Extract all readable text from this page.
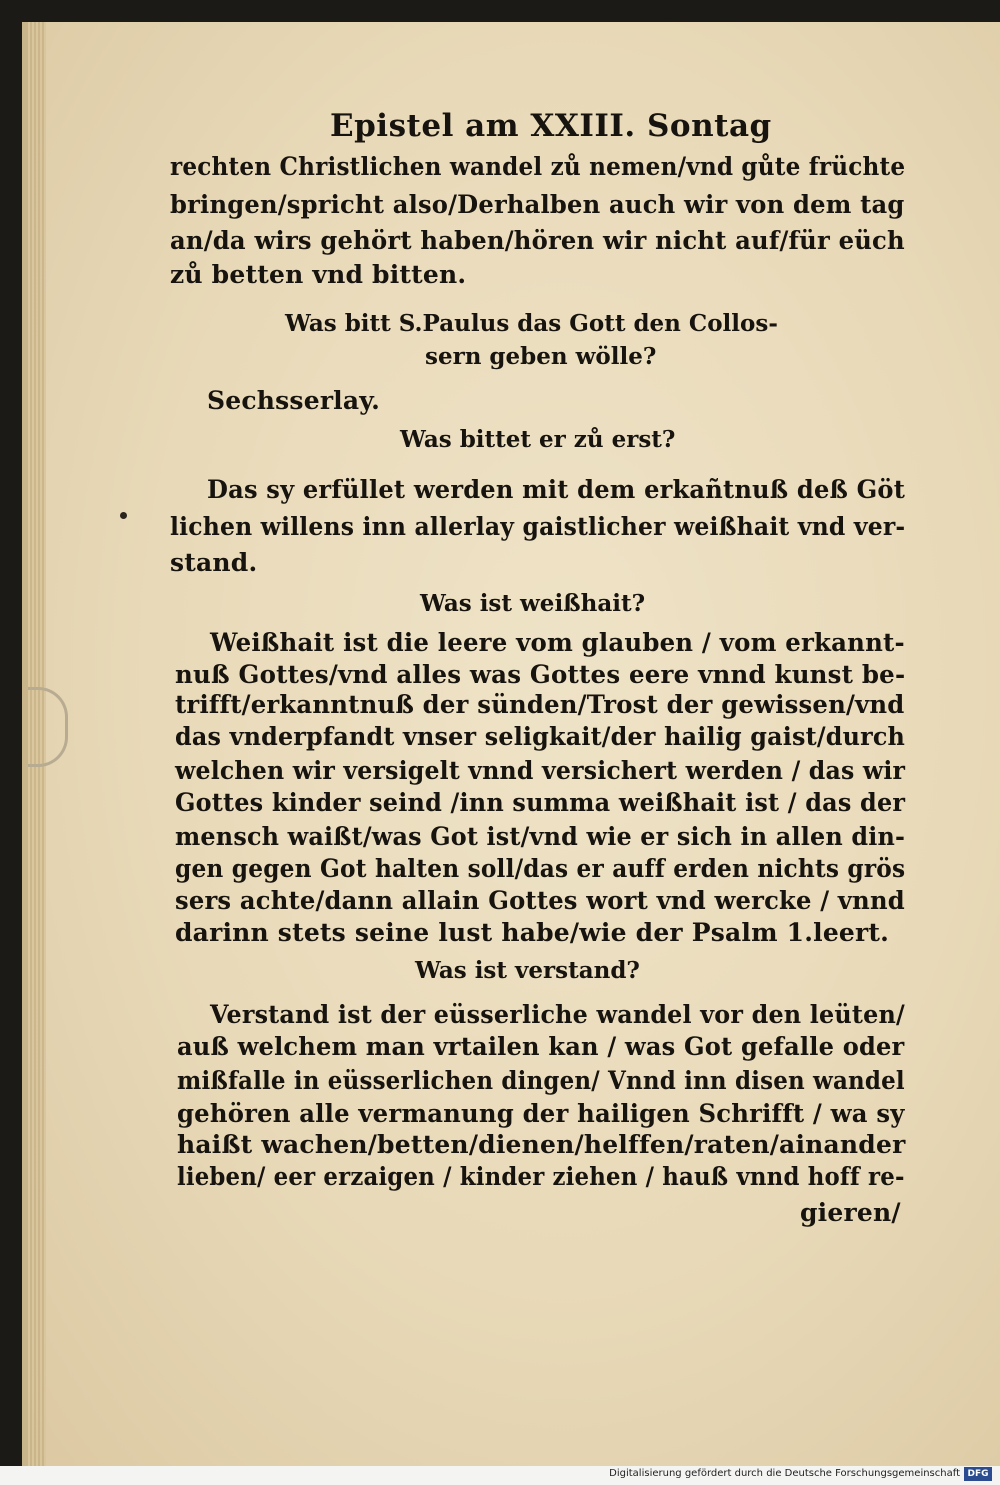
Epistel am XXIII. Sontag
rechten Christlichen wandel zů nemen/vnd gůte früchte
bringen/spricht also/Derhalben auch wir von dem tag
an/da wirs gehört haben/hören wir nicht auf/für eüch
zů betten vnd bitten.
Was bitt S.Paulus das Gott den Collos-
sern geben wölle?
Sechsserlay.
Was bittet er zů erst?
Das sy erfüllet werden mit dem erkañtnuß deß Göt
lichen willens inn allerlay gaistlicher weißhait vnd ver-
stand.
Was ist weißhait?
Weißhait ist die leere vom glauben / vom erkannt-
nuß Gottes/vnd alles was Gottes eere vnnd kunst be-
trifft/erkanntnuß der sünden/Trost der gewissen/vnd
das vnderpfandt vnser seligkait/der hailig gaist/durch
welchen wir versigelt vnnd versichert werden / das wir
Gottes kinder seind /inn summa weißhait ist / das der
mensch waißt/was Got ist/vnd wie er sich in allen din-
gen gegen Got halten soll/das er auff erden nichts grös
sers achte/dann allain Gottes wort vnd wercke / vnnd
darinn stets seine lust habe/wie der Psalm 1.leert.
Was ist verstand?
Verstand ist der eüsserliche wandel vor den leüten/
auß welchem man vrtailen kan / was Got gefalle oder
mißfalle in eüsserlichen dingen/ Vnnd inn disen wandel
gehören alle vermanung der hailigen Schrifft / wa sy
haißt wachen/betten/dienen/helffen/raten/ainander
lieben/ eer erzaigen / kinder ziehen / hauß vnnd hoff re-
gieren/
Digitalisierung gefördert durch die Deutsche Forschungsgemeinschaft DFG
